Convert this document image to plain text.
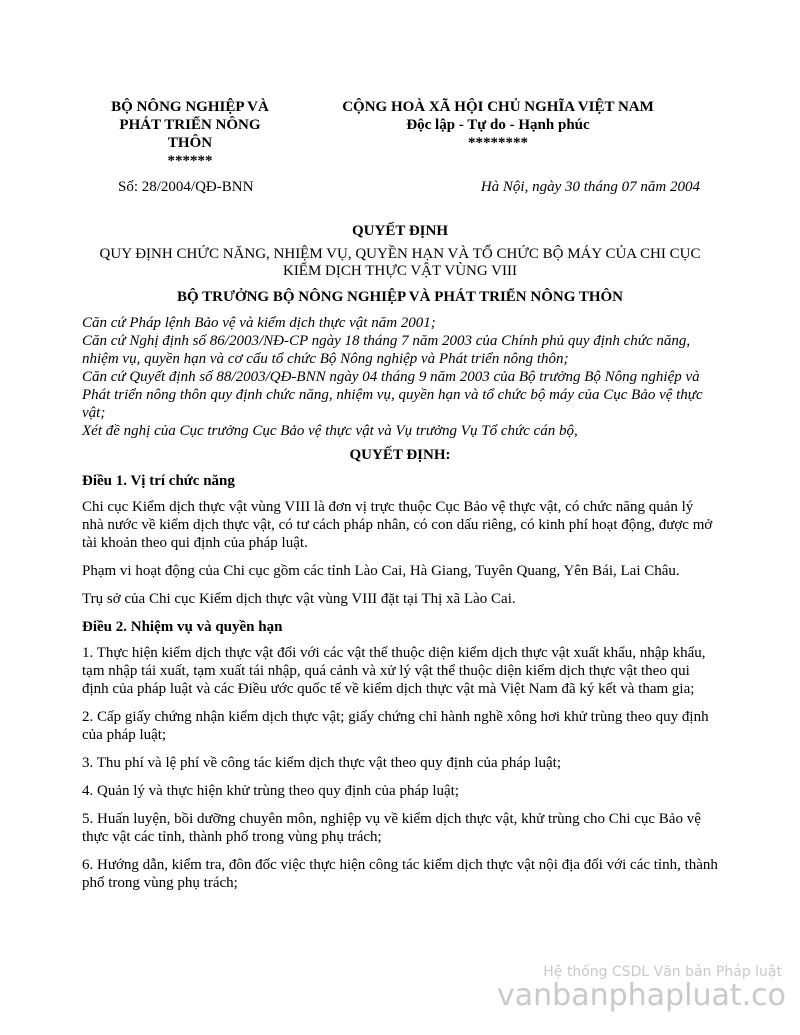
BỘ NÔNG NGHIỆP VÀ
PHÁT TRIỂN NÔNG
THÔN
******
CỘNG HOÀ XÃ HỘI CHỦ NGHĨA VIỆT NAM
Độc lập - Tự do - Hạnh phúc
********
Số: 28/2004/QĐ-BNN	Hà Nội, ngày 30 tháng 07 năm 2004
QUYẾT ĐỊNH
QUY ĐỊNH CHỨC NĂNG, NHIỆM VỤ, QUYỀN HẠN VÀ TỔ CHỨC BỘ MÁY CỦA CHI CỤC KIỂM DỊCH THỰC VẬT VÙNG VIII
BỘ TRƯỞNG BỘ NÔNG NGHIỆP VÀ PHÁT TRIỂN NÔNG THÔN

Căn cứ Pháp lệnh Bảo vệ và kiểm dịch thực vật năm 2001;

Căn cứ Nghị định số 86/2003/NĐ-CP ngày 18 tháng 7 năm 2003 của Chính phủ quy định chức năng, nhiệm vụ, quyền hạn và cơ cấu tổ chức Bộ Nông nghiệp và Phát triển nông thôn;

Căn cứ Quyết định số 88/2003/QĐ-BNN ngày 04 tháng 9 năm 2003 của Bộ trưởng Bộ Nông nghiệp và Phát triển nông thôn quy định chức năng, nhiệm vụ, quyền hạn và tổ chức bộ máy của Cục Bảo vệ thực vật;

Xét đề nghị của Cục trưởng Cục Bảo vệ thực vật và Vụ trưởng Vụ Tổ chức cán bộ,

QUYẾT ĐỊNH:
Điều 1. Vị trí chức năng

Chi cục Kiểm dịch thực vật vùng VIII là đơn vị trực thuộc Cục Bảo vệ thực vật, có chức năng quản lý nhà nước về kiểm dịch thực vật, có tư cách pháp nhân, có con dấu riêng, có kinh phí hoạt động, được mở tài khoản theo qui định của pháp luật.

Phạm vi hoạt động của Chi cục gồm các tỉnh Lào Cai, Hà Giang, Tuyên Quang, Yên Bái, Lai Châu.

Trụ sở của Chi cục Kiểm dịch thực vật vùng VIII đặt tại Thị xã Lào Cai.

Điều 2. Nhiệm vụ và quyền hạn

1. Thực hiện kiểm dịch thực vật đối với các vật thể thuộc diện kiểm dịch thực vật xuất khẩu, nhập khẩu, tạm nhập tái xuất, tạm xuất tái nhập, quá cảnh và xử lý vật thể thuộc diện kiểm dịch thực vật theo qui định của pháp luật và các Điều ước quốc tế về kiểm dịch thực vật mà Việt Nam đã ký kết và tham gia;

2. Cấp giấy chứng nhận kiểm dịch thực vật; giấy chứng chỉ hành nghề xông hơi khử trùng theo quy định của pháp luật;

3. Thu phí và lệ phí về công tác kiểm dịch thực vật theo quy định của pháp luật;

4. Quản lý và thực hiện khử trùng theo quy định của pháp luật;

5. Huấn luyện, bồi dưỡng chuyên môn, nghiệp vụ về kiểm dịch thực vật, khử trùng cho Chi cục Bảo vệ thực vật các tỉnh, thành phố trong vùng phụ trách;

6. Hướng dẫn, kiểm tra, đôn đốc việc thực hiện công tác kiểm dịch thực vật nội địa đối với các tỉnh, thành phố trong vùng phụ trách;

Hệ thống CSDL Văn bản Pháp luật
vanbanphapluat.co
